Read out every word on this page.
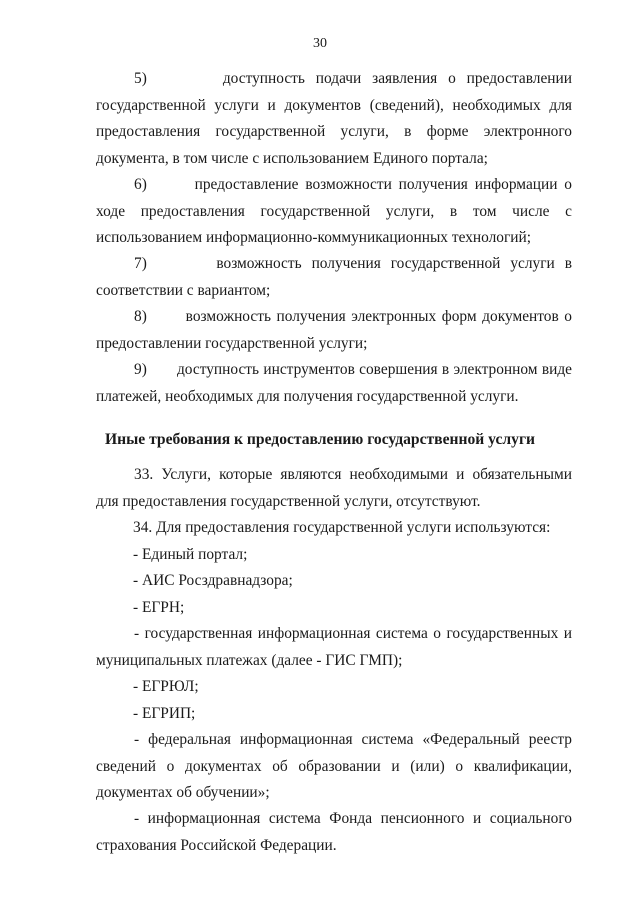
30

5)	доступность подачи заявления о предоставлении государственной услуги и документов (сведений), необходимых для предоставления государственной услуги, в форме электронного документа, в том числе с использованием Единого портала;

6)	предоставление возможности получения информации о ходе предоставления государственной услуги, в том числе с использованием информационно-коммуникационных технологий;

7)	возможность получения государственной услуги в соответствии с вариантом;

8)	возможность получения электронных форм документов о предоставлении государственной услуги;

9) доступность инструментов совершения в электронном виде платежей, необходимых для получения государственной услуги.

Иные требования к предоставлению государственной услуги

33. Услуги, которые являются необходимыми и обязательными для предоставления государственной услуги, отсутствуют.

34. Для предоставления государственной услуги используются:

- Единый портал;

- АИС Росздравнадзора;

- ЕГРН;

- государственная информационная система о государственных и муниципальных платежах (далее - ГИС ГМП);

- ЕГРЮЛ;

- ЕГРИП;

- федеральная информационная система «Федеральный реестр сведений о документах об образовании и (или) о квалификации, документах об обучении»;

- информационная система Фонда пенсионного и социального страхования Российской Федерации.
